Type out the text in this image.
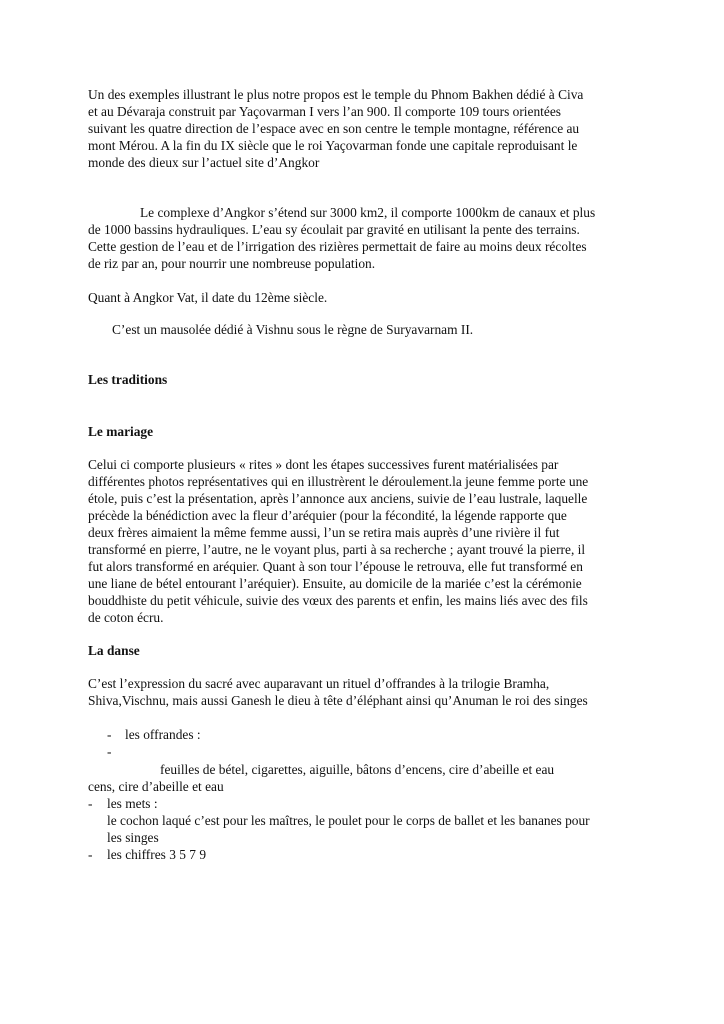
Un des exemples illustrant le plus notre propos est le temple du Phnom Bakhen dédié à Civa
et au Dévaraja construit par Yaçovarman I vers l’an 900. Il comporte 109 tours orientées
suivant les quatre direction de l’espace avec en son centre le temple montagne, référence au
mont Mérou. A la fin du IX siècle que le roi Yaçovarman fonde une capitale reproduisant le
monde des dieux sur l’actuel site d’Angkor
Le complexe d’Angkor s’étend sur 3000 km2, il comporte 1000km de canaux et plus
de 1000 bassins hydrauliques. L’eau sy écoulait par gravité en utilisant la pente des terrains.
Cette gestion de l’eau et de l’irrigation des rizières permettait de faire au moins deux récoltes
de riz par an, pour nourrir une nombreuse population.
Quant à Angkor Vat, il date du 12ème siècle.
C’est un mausolée dédié à Vishnu sous le règne de Suryavarnam II.
Les traditions
Le mariage
Celui ci comporte plusieurs « rites » dont les étapes successives furent matérialisées par
différentes photos représentatives qui en illustrèrent le déroulement.la jeune femme porte une
étole, puis c’est la présentation, après l’annonce aux anciens, suivie de l’eau lustrale, laquelle
précède la bénédiction avec la fleur d’aréquier (pour la fécondité, la légende rapporte que
deux frères aimaient la même femme aussi, l’un se retira mais auprès d’une rivière il fut
transformé en pierre, l’autre, ne le voyant plus, parti à sa recherche ; ayant trouvé la pierre, il
fut alors transformé en aréquier. Quant à son tour l’épouse le retrouva, elle fut transformé en
une liane de bétel entourant l’aréquier). Ensuite, au domicile de la mariée c’est la cérémonie
bouddhiste du petit véhicule, suivie des vœux des parents et enfin, les mains liés avec des fils
de coton écru.
La danse
C’est l’expression du sacré avec auparavant un rituel d’offrandes à la trilogie Bramha,
Shiva,Vischnu, mais aussi Ganesh le dieu à tête d’éléphant ainsi qu’Anuman le roi des singes
- les offrandes :
-
feuilles de bétel, cigarettes, aiguille, bâtons d’encens, cire d’abeille et eau
cens, cire d’abeille et eau
- les mets :
le cochon laqué c’est pour les maîtres, le poulet pour le corps de ballet et les bananes pour
les singes
- les chiffres 3 5 7 9
